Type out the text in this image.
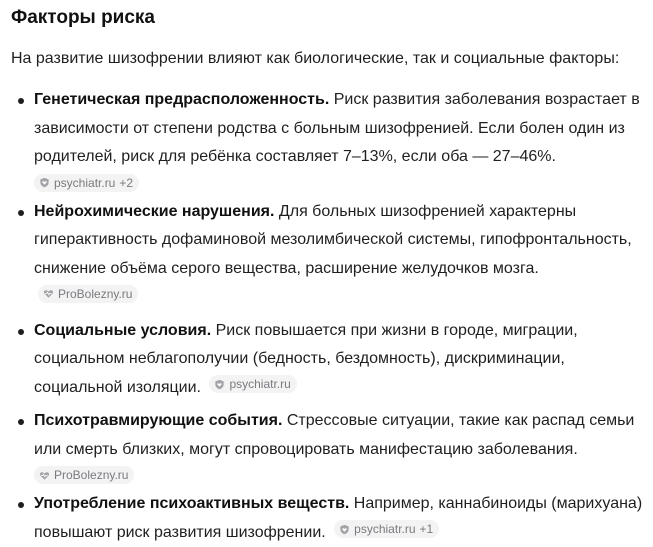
Факторы риска

На развитие шизофрении влияют как биологические, так и социальные факторы:

Генетическая предрасположенность. Риск развития заболевания возрастает в зависимости от степени родства с больным шизофренией. Если болен один из родителей, риск для ребёнка составляет 7–13%, если оба — 27–46%.
psychiatr.ru +2
Нейрохимические нарушения. Для больных шизофренией характерны гиперактивность дофаминовой мезолимбической системы, гипофронтальность, снижение объёма серого вещества, расширение желудочков мозга.
ProBolezny.ru
Социальные условия. Риск повышается при жизни в городе, миграции, социальном неблагополучии (бедность, бездомность), дискриминации, социальной изоляции. psychiatr.ru
Психотравмирующие события. Стрессовые ситуации, такие как распад семьи или смерть близких, могут спровоцировать манифестацию заболевания.
ProBolezny.ru
Употребление психоактивных веществ. Например, каннабиноиды (марихуана) повышают риск развития шизофрении. psychiatr.ru +1
